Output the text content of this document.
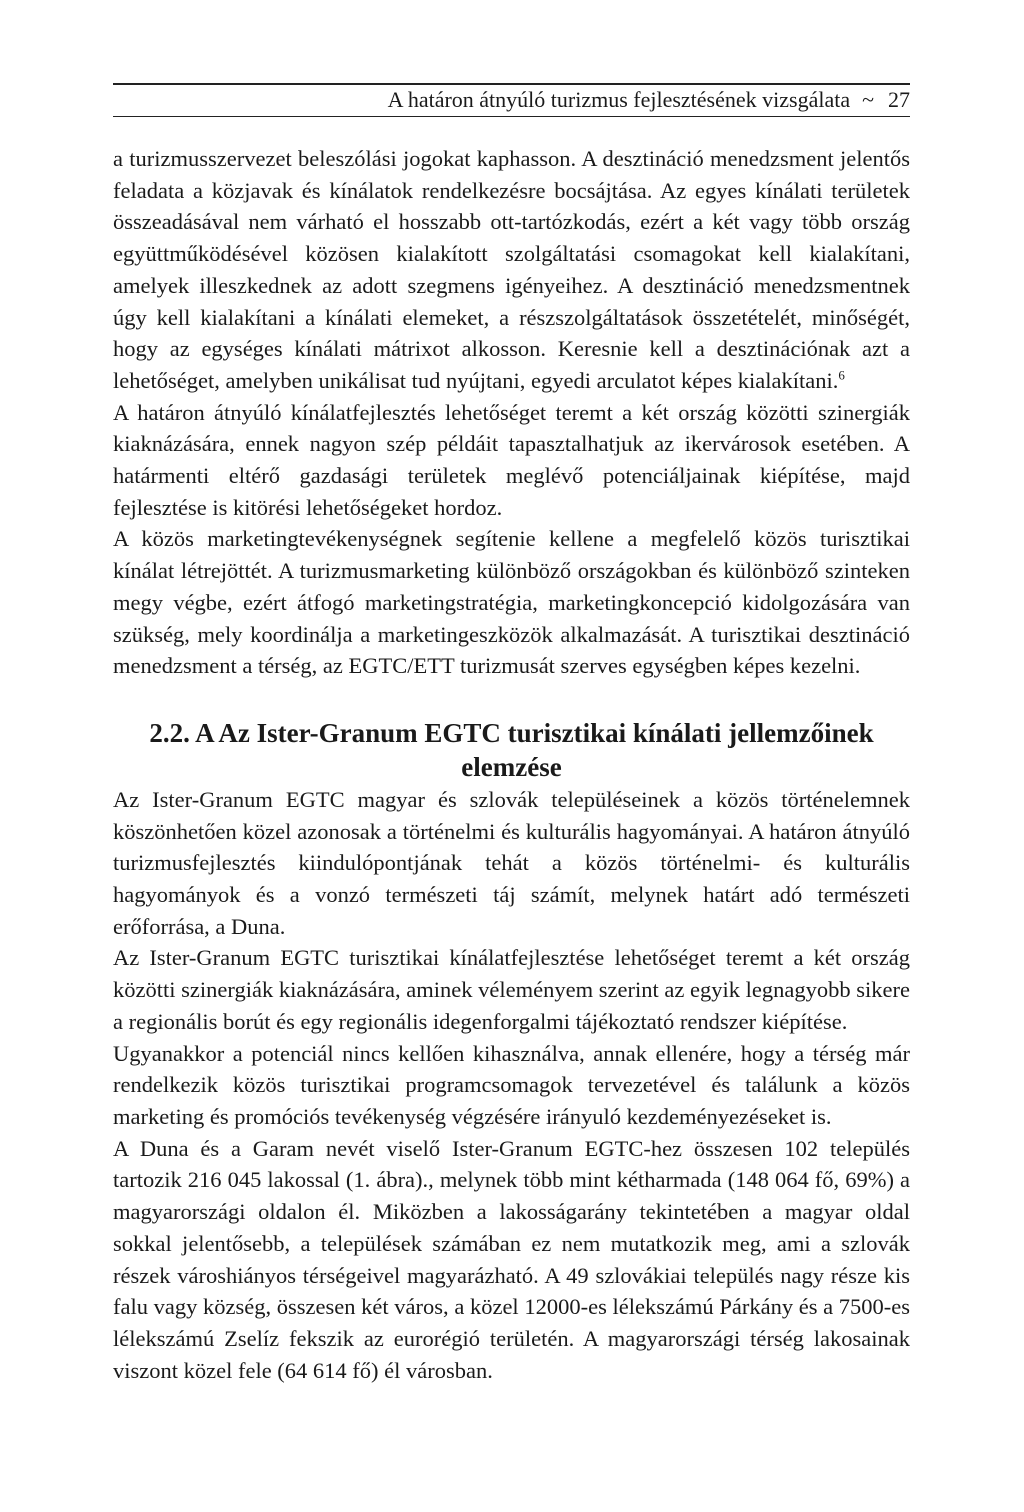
A határon átnyúló turizmus fejlesztésének vizsgálata ~ 27

a turizmusszervezet beleszólási jogokat kaphasson. A desztináció menedzsment jelentős feladata a közjavak és kínálatok rendelkezésre bocsájtása. Az egyes kínálati területek összeadásával nem várható el hosszabb ott-tartózkodás, ezért a két vagy több ország együttműködésével közösen kialakított szolgáltatási csomagokat kell kialakítani, amelyek illeszkednek az adott szegmens igényeihez. A desztináció menedzsmentnek úgy kell kialakítani a kínálati elemeket, a részszolgáltatások összetételét, minőségét, hogy az egységes kínálati mátrixot alkosson. Keresnie kell a desztinációnak azt a lehetőséget, amelyben unikálisat tud nyújtani, egyedi arculatot képes kialakítani.$^6$

A határon átnyúló kínálatfejlesztés lehetőséget teremt a két ország közötti szinergiák kiaknázására, ennek nagyon szép példáit tapasztalhatjuk az ikervárosok esetében. A határmenti eltérő gazdasági területek meglévő potenciáljainak kiépítése, majd fejlesztése is kitörési lehetőségeket hordoz.

A közös marketingtevékenységnek segítenie kellene a megfelelő közös turisztikai kínálat létrejöttét. A turizmusmarketing különböző országokban és különböző szinteken megy végbe, ezért átfogó marketingstratégia, marketingkoncepció kidolgozására van szükség, mely koordinálja a marketingeszközök alkalmazását. A turisztikai desztináció menedzsment a térség, az EGTC/ETT turizmusát szerves egységben képes kezelni.

2.2. A Az Ister-Granum EGTC turisztikai kínálati jellemzőinek elemzése

Az Ister-Granum EGTC magyar és szlovák településeinek a közös történelemnek köszönhetően közel azonosak a történelmi és kulturális hagyományai. A határon átnyúló turizmusfejlesztés kiindulópontjának tehát a közös történelmi- és kulturális hagyományok és a vonzó természeti táj számít, melynek határt adó természeti erőforrása, a Duna.

Az Ister-Granum EGTC turisztikai kínálatfejlesztése lehetőséget teremt a két ország közötti szinergiák kiaknázására, aminek véleményem szerint az egyik legnagyobb sikere a regionális borút és egy regionális idegenforgalmi tájékoztató rendszer kiépítése.

Ugyanakkor a potenciál nincs kellően kihasználva, annak ellenére, hogy a térség már rendelkezik közös turisztikai programcsomagok tervezetével és találunk a közös marketing és promóciós tevékenység végzésére irányuló kezdeményezéseket is.

A Duna és a Garam nevét viselő Ister-Granum EGTC-hez összesen 102 település tartozik 216 045 lakossal (1. ábra)., melynek több mint kétharmada (148 064 fő, 69%) a magyarországi oldalon él. Miközben a lakosságarány tekintetében a magyar oldal sokkal jelentősebb, a települések számában ez nem mutatkozik meg, ami a szlovák részek városhiányos térségeivel magyarázható. A 49 szlovákiai település nagy része kis falu vagy község, összesen két város, a közel 12000-es lélekszámú Párkány és a 7500-es lélekszámú Zselíz fekszik az eurorégió területén. A magyarországi térség lakosainak viszont közel fele (64 614 fő) él városban.
